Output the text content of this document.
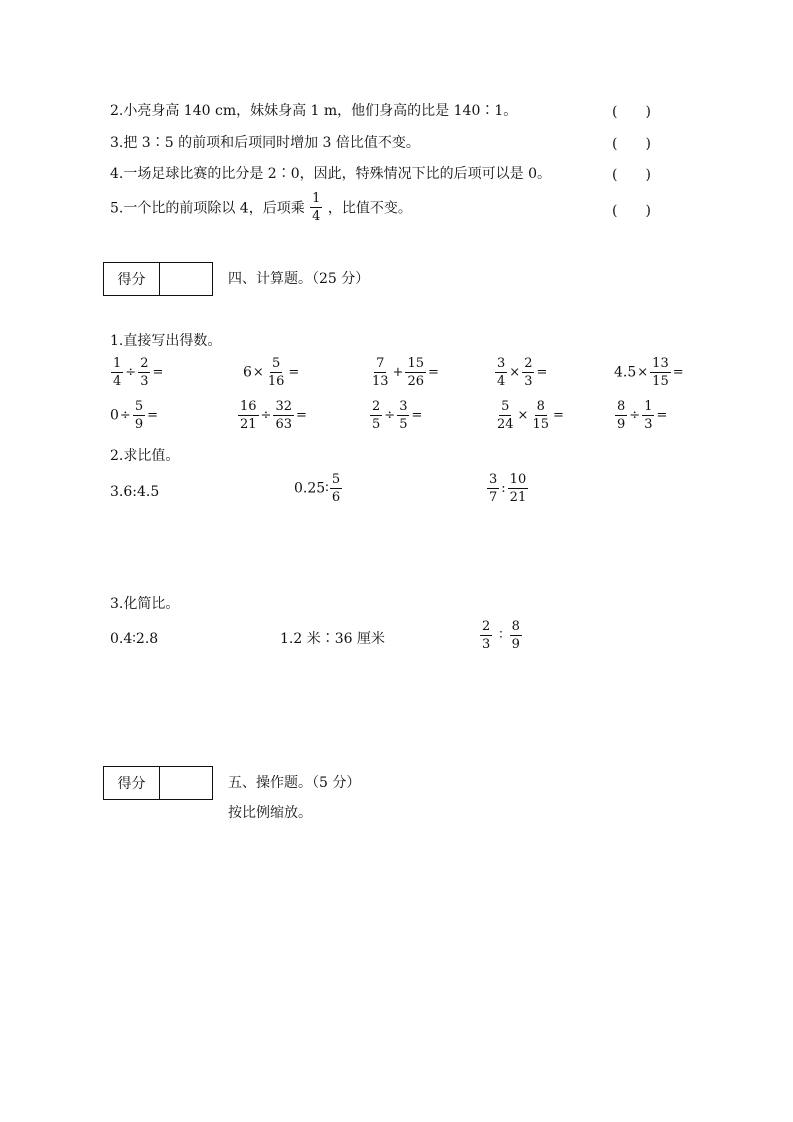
2.小亮身高 140 cm，妹妹身高 1 m，他们身高的比是 140∶1。	(　　)
3.把 3∶5 的前项和后项同时增加 3 倍比值不变。	(　　)
4.一场足球比赛的比分是 2∶0，因此，特殊情况下比的后项可以是 0。	(　　)
5.一个比的前项除以 4，后项乘 $\frac{1}{4}$ ，比值不变。	(　　)
得分	四、计算题。（25 分）
1.直接写出得数。
$\frac{1}{4} \div \frac{2}{3}$ =	$6\times \frac{5}{16}$ =	$\frac{7}{13} + \frac{15}{26}$ =	$\frac{3}{4} \times \frac{2}{3}$ =	$4.5\times \frac{13}{15}$ =
$0\div \frac{5}{9}$ =	$\frac{16}{21} \div \frac{32}{63}$ =	$\frac{2}{5} \div \frac{3}{5}$ =	$\frac{5}{24} \times \frac{8}{15}$ =	$\frac{8}{9} \div \frac{1}{3}$ =
2.求比值。
3.6:4.5	0.25∶ $\frac{5}{6}$	$\frac{3}{7}$ : $\frac{10}{21}$
3.化简比。
0.4∶2.8	1.2 米∶36 厘米	$\frac{2}{3}$ ∶ $\frac{8}{9}$
得分	五、操作题。（5 分）
按比例缩放。
